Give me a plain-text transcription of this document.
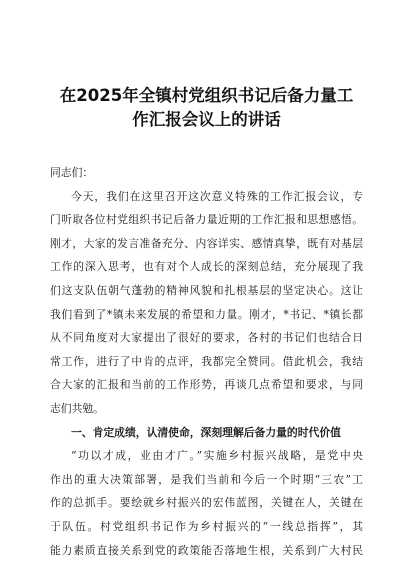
在2025年全镇村党组织书记后备力量工
作汇报会议上的讲话

同志们：

今天，我们在这里召开这次意义特殊的工作汇报会议，专
门听取各位村党组织书记后备力量近期的工作汇报和思想感悟。
刚才，大家的发言准备充分、内容详实、感情真挚，既有对基层
工作的深入思考，也有对个人成长的深刻总结，充分展现了我
们这支队伍朝气蓬勃的精神风貌和扎根基层的坚定决心。这让
我们看到了*镇未来发展的希望和力量。刚才，*书记、*镇长都
从不同角度对大家提出了很好的要求，各村的书记们也结合日
常工作，进行了中肯的点评，我都完全赞同。借此机会，我结
合大家的汇报和当前的工作形势，再谈几点希望和要求，与同
志们共勉。
一、肯定成绩，认清使命，深刻理解后备力量的时代价值
“功以才成，业由才广。”实施乡村振兴战略，是党中央
作出的重大决策部署，是我们当前和今后一个时期“三农”工
作的总抓手。要绘就乡村振兴的宏伟蓝图，关键在人，关键在
于队伍。村党组织书记作为乡村振兴的“一线总指挥”，其
能力素质直接关系到党的政策能否落地生根，关系到广大村民
